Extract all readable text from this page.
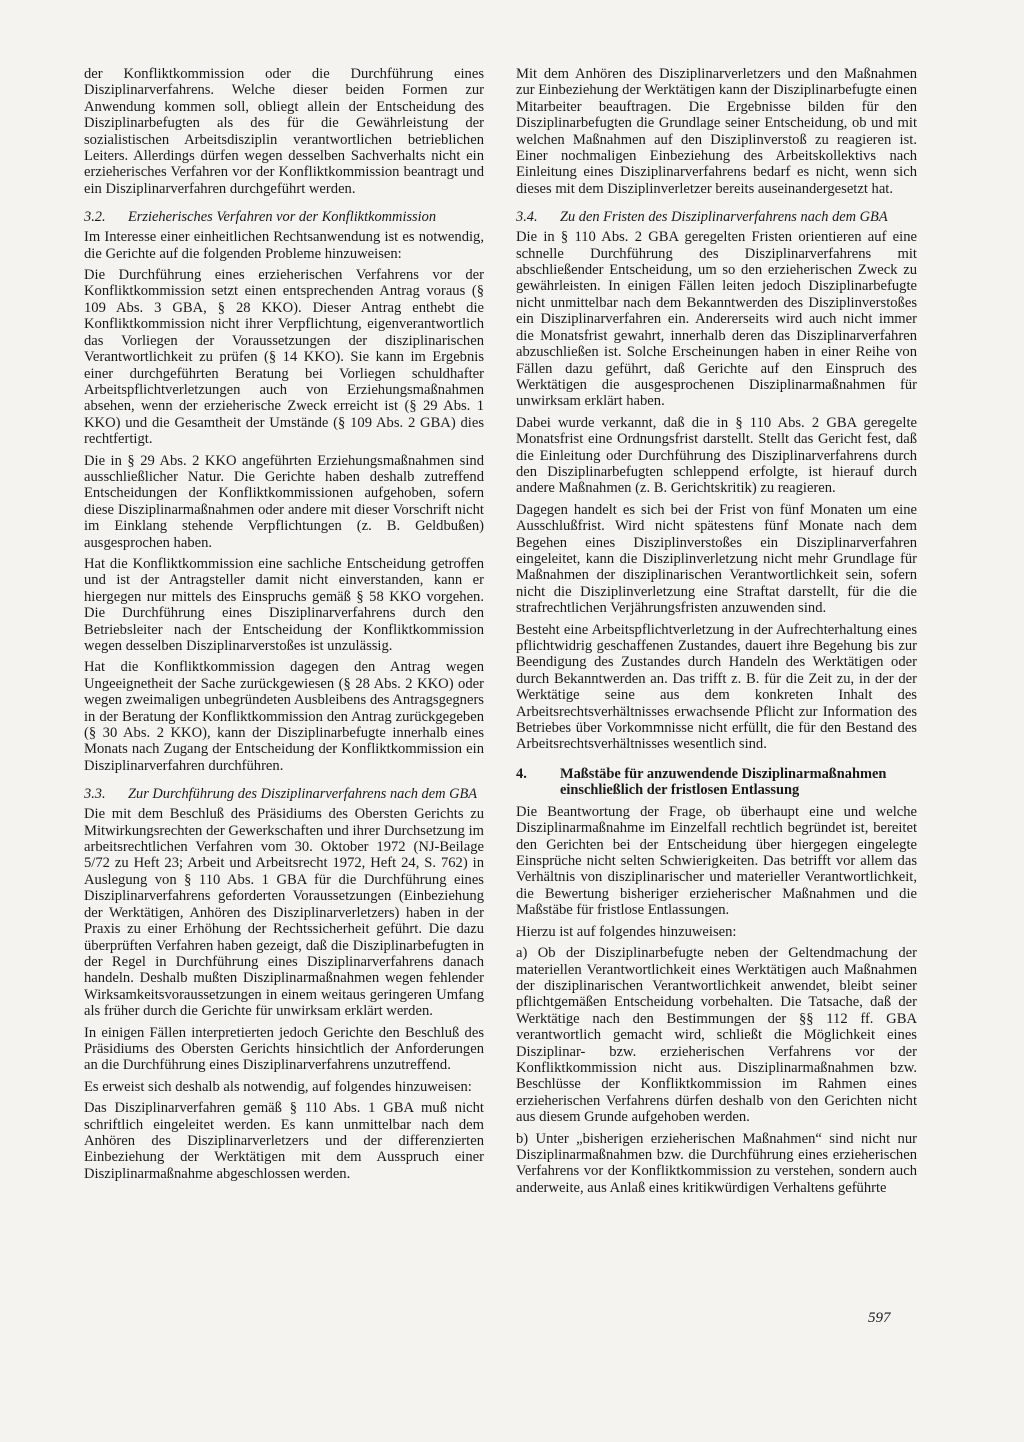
der Konfliktkommission oder die Durchführung eines Disziplinarverfahrens. Welche dieser beiden Formen zur Anwendung kommen soll, obliegt allein der Entscheidung des Disziplinarbefugten als des für die Gewährleistung der sozialistischen Arbeitsdisziplin verantwortlichen betrieblichen Leiters. Allerdings dürfen wegen desselben Sachverhalts nicht ein erzieherisches Verfahren vor der Konfliktkommission beantragt und ein Disziplinarverfahren durchgeführt werden.

3.2.	Erzieherisches Verfahren vor der Konfliktkommission

Im Interesse einer einheitlichen Rechtsanwendung ist es notwendig, die Gerichte auf die folgenden Probleme hinzuweisen:

Die Durchführung eines erzieherischen Verfahrens vor der Konfliktkommission setzt einen entsprechenden Antrag voraus (§ 109 Abs. 3 GBA, § 28 KKO). Dieser Antrag enthebt die Konfliktkommission nicht ihrer Verpflichtung, eigenverantwortlich das Vorliegen der Voraussetzungen der disziplinarischen Verantwortlichkeit zu prüfen (§ 14 KKO). Sie kann im Ergebnis einer durchgeführten Beratung bei Vorliegen schuldhafter Arbeitspflichtverletzungen auch von Erziehungsmaßnahmen absehen, wenn der erzieherische Zweck erreicht ist (§ 29 Abs. 1 KKO) und die Gesamtheit der Umstände (§ 109 Abs. 2 GBA) dies rechtfertigt.

Die in § 29 Abs. 2 KKO angeführten Erziehungsmaßnahmen sind ausschließlicher Natur. Die Gerichte haben deshalb zutreffend Entscheidungen der Konfliktkommissionen aufgehoben, sofern diese Disziplinarmaßnahmen oder andere mit dieser Vorschrift nicht im Einklang stehende Verpflichtungen (z. B. Geldbußen) ausgesprochen haben.

Hat die Konfliktkommission eine sachliche Entscheidung getroffen und ist der Antragsteller damit nicht einverstanden, kann er hiergegen nur mittels des Einspruchs gemäß § 58 KKO vorgehen. Die Durchführung eines Disziplinarverfahrens durch den Betriebsleiter nach der Entscheidung der Konfliktkommission wegen desselben Disziplinarverstoßes ist unzulässig.

Hat die Konfliktkommission dagegen den Antrag wegen Ungeeignetheit der Sache zurückgewiesen (§ 28 Abs. 2 KKO) oder wegen zweimaligen unbegründeten Ausbleibens des Antragsgegners in der Beratung der Konfliktkommission den Antrag zurückgegeben (§ 30 Abs. 2 KKO), kann der Disziplinarbefugte innerhalb eines Monats nach Zugang der Entscheidung der Konfliktkommission ein Disziplinarverfahren durchführen.

3.3.	Zur Durchführung des Disziplinarverfahrens nach dem GBA

Die mit dem Beschluß des Präsidiums des Obersten Gerichts zu Mitwirkungsrechten der Gewerkschaften und ihrer Durchsetzung im arbeitsrechtlichen Verfahren vom 30. Oktober 1972 (NJ-Beilage 5/72 zu Heft 23; Arbeit und Arbeitsrecht 1972, Heft 24, S. 762) in Auslegung von § 110 Abs. 1 GBA für die Durchführung eines Disziplinarverfahrens geforderten Voraussetzungen (Einbeziehung der Werktätigen, Anhören des Disziplinarverletzers) haben in der Praxis zu einer Erhöhung der Rechtssicherheit geführt. Die dazu überprüften Verfahren haben gezeigt, daß die Disziplinarbefugten in der Regel in Durchführung eines Disziplinarverfahrens danach handeln. Deshalb mußten Disziplinarmaßnahmen wegen fehlender Wirksamkeitsvoraussetzungen in einem weitaus geringeren Umfang als früher durch die Gerichte für unwirksam erklärt werden.

In einigen Fällen interpretierten jedoch Gerichte den Beschluß des Präsidiums des Obersten Gerichts hinsichtlich der Anforderungen an die Durchführung eines Disziplinarverfahrens unzutreffend.

Es erweist sich deshalb als notwendig, auf folgendes hinzuweisen:

Das Disziplinarverfahren gemäß § 110 Abs. 1 GBA muß nicht schriftlich eingeleitet werden. Es kann unmittelbar nach dem Anhören des Disziplinarverletzers und der differenzierten Einbeziehung der Werktätigen mit dem Ausspruch einer Disziplinarmaßnahme abgeschlossen werden.

Mit dem Anhören des Disziplinarverletzers und den Maßnahmen zur Einbeziehung der Werktätigen kann der Disziplinarbefugte einen Mitarbeiter beauftragen. Die Ergebnisse bilden für den Disziplinarbefugten die Grundlage seiner Entscheidung, ob und mit welchen Maßnahmen auf den Disziplinverstoß zu reagieren ist. Einer nochmaligen Einbeziehung des Arbeitskollektivs nach Einleitung eines Disziplinarverfahrens bedarf es nicht, wenn sich dieses mit dem Disziplinverletzer bereits auseinandergesetzt hat.

3.4.	Zu den Fristen des Disziplinarverfahrens nach dem GBA

Die in § 110 Abs. 2 GBA geregelten Fristen orientieren auf eine schnelle Durchführung des Disziplinarverfahrens mit abschließender Entscheidung, um so den erzieherischen Zweck zu gewährleisten. In einigen Fällen leiten jedoch Disziplinarbefugte nicht unmittelbar nach dem Bekanntwerden des Disziplinverstoßes ein Disziplinarverfahren ein. Andererseits wird auch nicht immer die Monatsfrist gewahrt, innerhalb deren das Disziplinarverfahren abzuschließen ist. Solche Erscheinungen haben in einer Reihe von Fällen dazu geführt, daß Gerichte auf den Einspruch des Werktätigen die ausgesprochenen Disziplinarmaßnahmen für unwirksam erklärt haben.

Dabei wurde verkannt, daß die in § 110 Abs. 2 GBA geregelte Monatsfrist eine Ordnungsfrist darstellt. Stellt das Gericht fest, daß die Einleitung oder Durchführung des Disziplinarverfahrens durch den Disziplinarbefugten schleppend erfolgte, ist hierauf durch andere Maßnahmen (z. B. Gerichtskritik) zu reagieren.

Dagegen handelt es sich bei der Frist von fünf Monaten um eine Ausschlußfrist. Wird nicht spätestens fünf Monate nach dem Begehen eines Disziplinverstoßes ein Disziplinarverfahren eingeleitet, kann die Disziplinverletzung nicht mehr Grundlage für Maßnahmen der disziplinarischen Verantwortlichkeit sein, sofern nicht die Disziplinverletzung eine Straftat darstellt, für die die strafrechtlichen Verjährungsfristen anzuwenden sind.

Besteht eine Arbeitspflichtverletzung in der Aufrechterhaltung eines pflichtwidrig geschaffenen Zustandes, dauert ihre Begehung bis zur Beendigung des Zustandes durch Handeln des Werktätigen oder durch Bekanntwerden an. Das trifft z. B. für die Zeit zu, in der der Werktätige seine aus dem konkreten Inhalt des Arbeitsrechtsverhältnisses erwachsende Pflicht zur Information des Betriebes über Vorkommnisse nicht erfüllt, die für den Bestand des Arbeitsrechtsverhältnisses wesentlich sind.

4.	Maßstäbe für anzuwendende Disziplinarmaßnahmen einschließlich der fristlosen Entlassung

Die Beantwortung der Frage, ob überhaupt eine und welche Disziplinarmaßnahme im Einzelfall rechtlich begründet ist, bereitet den Gerichten bei der Entscheidung über hiergegen eingelegte Einsprüche nicht selten Schwierigkeiten. Das betrifft vor allem das Verhältnis von disziplinarischer und materieller Verantwortlichkeit, die Bewertung bisheriger erzieherischer Maßnahmen und die Maßstäbe für fristlose Entlassungen.

Hierzu ist auf folgendes hinzuweisen:

a) Ob der Disziplinarbefugte neben der Geltendmachung der materiellen Verantwortlichkeit eines Werktätigen auch Maßnahmen der disziplinarischen Verantwortlichkeit anwendet, bleibt seiner pflichtgemäßen Entscheidung vorbehalten. Die Tatsache, daß der Werktätige nach den Bestimmungen der §§ 112 ff. GBA verantwortlich gemacht wird, schließt die Möglichkeit eines Disziplinar- bzw. erzieherischen Verfahrens vor der Konfliktkommission nicht aus. Disziplinarmaßnahmen bzw. Beschlüsse der Konfliktkommission im Rahmen eines erzieherischen Verfahrens dürfen deshalb von den Gerichten nicht aus diesem Grunde aufgehoben werden.

b) Unter „bisherigen erzieherischen Maßnahmen“ sind nicht nur Disziplinarmaßnahmen bzw. die Durchführung eines erzieherischen Verfahrens vor der Konfliktkommission zu verstehen, sondern auch anderweite, aus Anlaß eines kritikwürdigen Verhaltens geführte

597
